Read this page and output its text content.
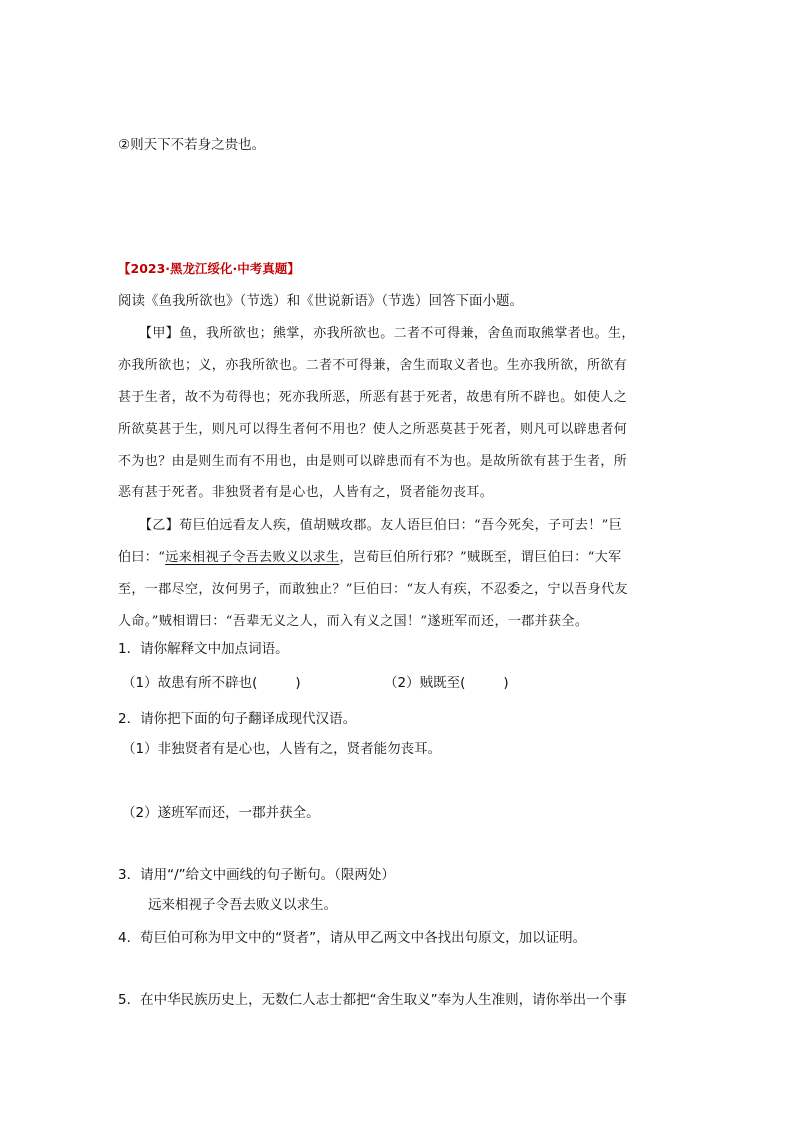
②则天下不若身之贵也。
【2023·黑龙江绥化·中考真题】
阅读《鱼我所欲也》（节选）和《世说新语》（节选）回答下面小题。
【甲】鱼，我所欲也；熊掌，亦我所欲也。二者不可得兼，舍鱼而取熊掌者也。生，
亦我所欲也；义，亦我所欲也。二者不可得兼，舍生而取义者也。生亦我所欲，所欲有
甚于生者，故不为苟得也；死亦我所恶，所恶有甚于死者，故患有所不辟也。如使人之
所欲莫甚于生，则凡可以得生者何不用也？使人之所恶莫甚于死者，则凡可以辟患者何
不为也？由是则生而有不用也，由是则可以辟患而有不为也。是故所欲有甚于生者，所
恶有甚于死者。非独贤者有是心也，人皆有之，贤者能勿丧耳。
【乙】荀巨伯远看友人疾，值胡贼攻郡。友人语巨伯曰：“吾今死矣，子可去！”巨
伯曰：“远来相视子令吾去败义以求生，岂荀巨伯所行邪？”贼既至，谓巨伯曰：“大军
至，一郡尽空，汝何男子，而敢独止？”巨伯曰：“友人有疾，不忍委之，宁以吾身代友
人命。”贼相谓曰：“吾辈无义之人，而入有义之国！”遂班军而还，一郡并获全。
1．请你解释文中加点词语。
（1）故患有所不辟也(	)	（2）贼既至(	)
2．请你把下面的句子翻译成现代汉语。
（1）非独贤者有是心也，人皆有之，贤者能勿丧耳。
（2）遂班军而还，一郡并获全。
3．请用“/”给文中画线的句子断句。（限两处）
远来相视子令吾去败义以求生。
4．荀巨伯可称为甲文中的“贤者”，请从甲乙两文中各找出句原文，加以证明。
5．在中华民族历史上，无数仁人志士都把“舍生取义”奉为人生准则，请你举出一个事
